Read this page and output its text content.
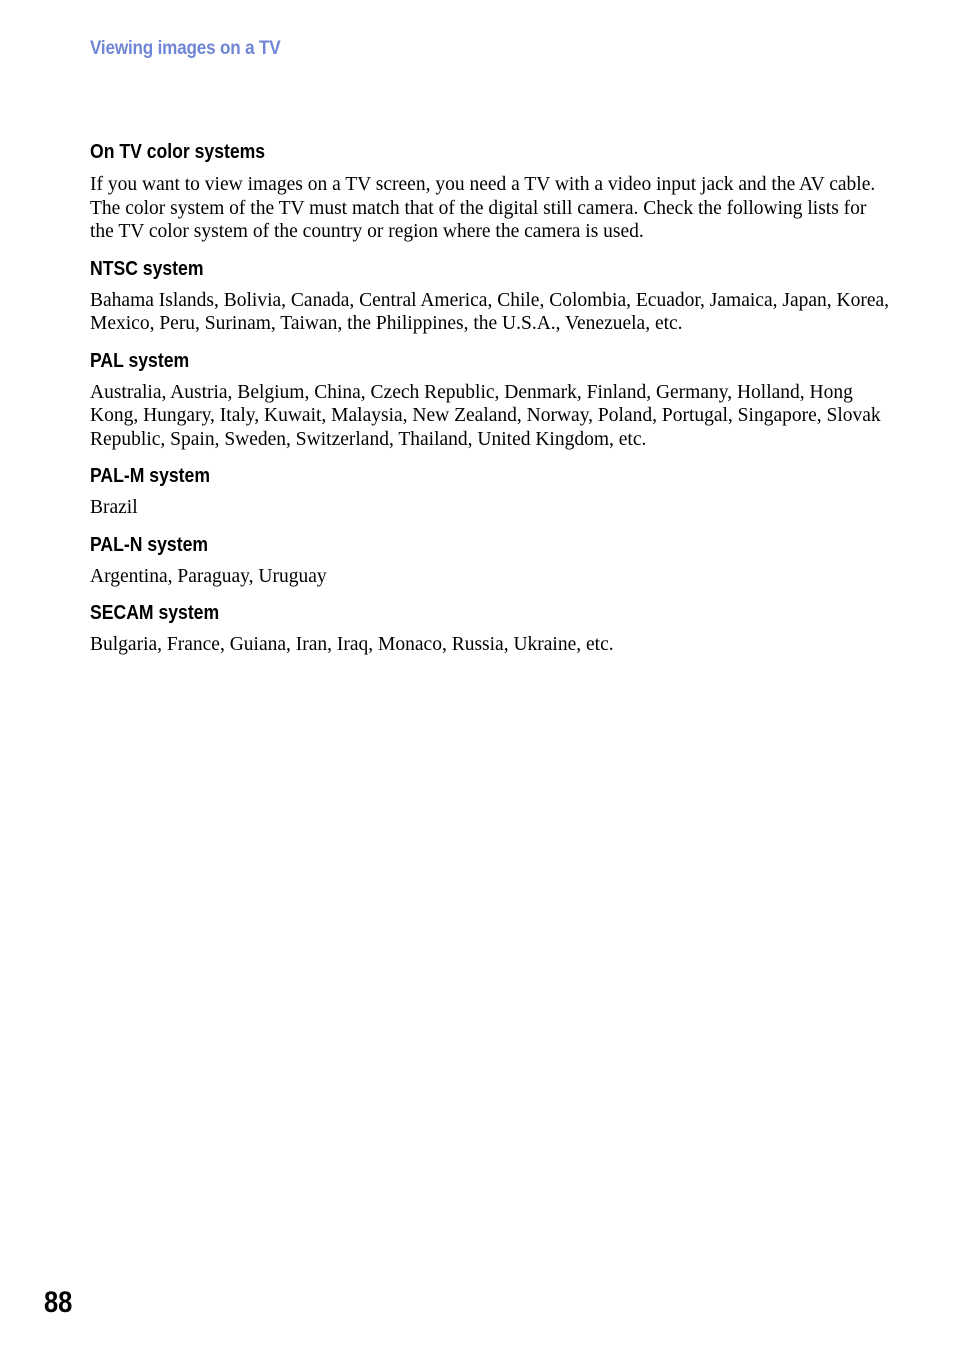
Viewing images on a TV
On TV color systems

If you want to view images on a TV screen, you need a TV with a video input jack and the AV cable. The color system of the TV must match that of the digital still camera. Check the following lists for the TV color system of the country or region where the camera is used.

NTSC system

Bahama Islands, Bolivia, Canada, Central America, Chile, Colombia, Ecuador, Jamaica, Japan, Korea, Mexico, Peru, Surinam, Taiwan, the Philippines, the U.S.A., Venezuela, etc.

PAL system

Australia, Austria, Belgium, China, Czech Republic, Denmark, Finland, Germany, Holland, Hong Kong, Hungary, Italy, Kuwait, Malaysia, New Zealand, Norway, Poland, Portugal, Singapore, Slovak Republic, Spain, Sweden, Switzerland, Thailand, United Kingdom, etc.

PAL-M system

Brazil

PAL-N system

Argentina, Paraguay, Uruguay

SECAM system

Bulgaria, France, Guiana, Iran, Iraq, Monaco, Russia, Ukraine, etc.

88
